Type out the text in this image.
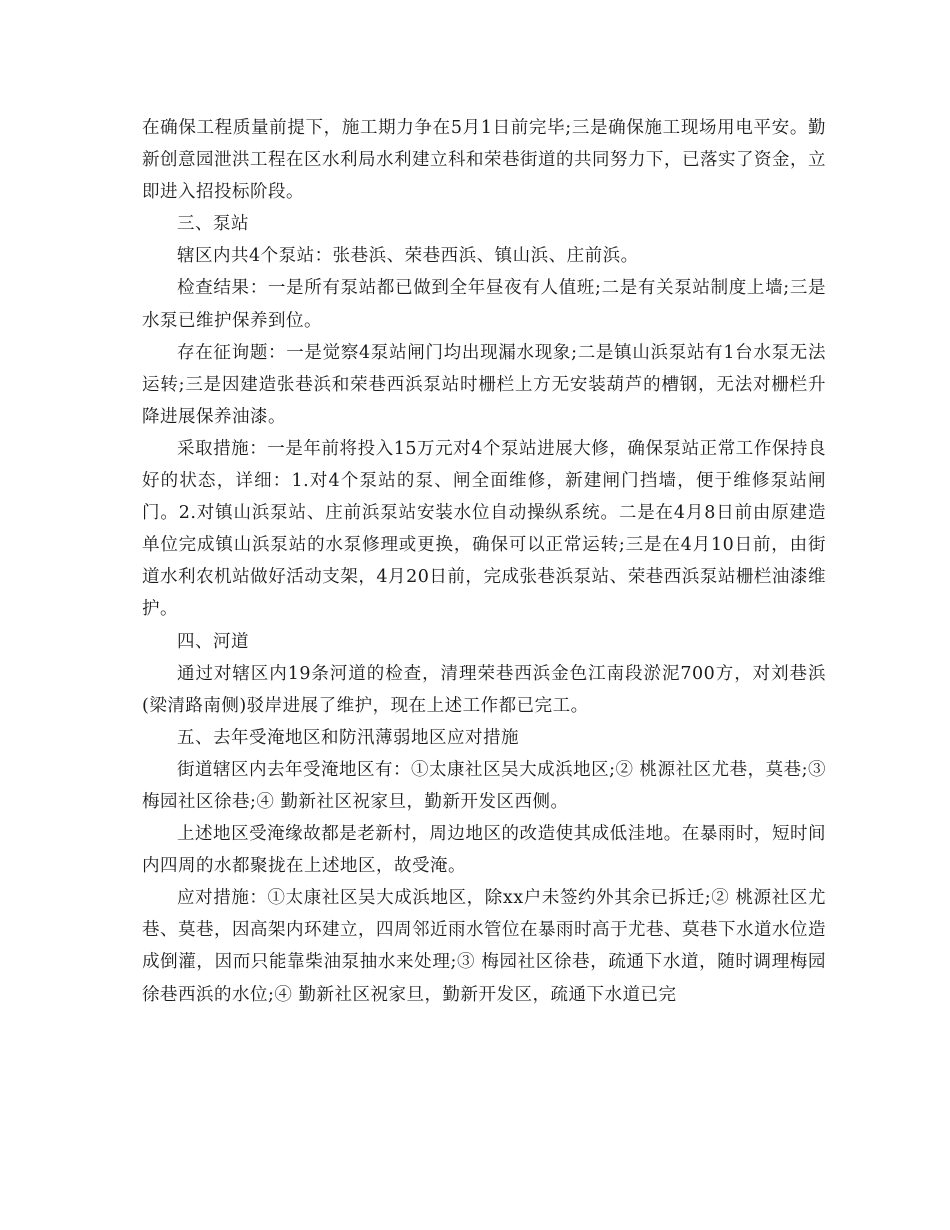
在确保工程质量前提下，施工期力争在5月1日前完毕;三是确保施工现场用电平安。勤新创意园泄洪工程在区水利局水利建立科和荣巷街道的共同努力下，已落实了资金，立即进入招投标阶段。

三、泵站

辖区内共4个泵站：张巷浜、荣巷西浜、镇山浜、庄前浜。

检查结果：一是所有泵站都已做到全年昼夜有人值班;二是有关泵站制度上墙;三是水泵已维护保养到位。

存在征询题：一是觉察4泵站闸门均出现漏水现象;二是镇山浜泵站有1台水泵无法运转;三是因建造张巷浜和荣巷西浜泵站时栅栏上方无安装葫芦的槽钢，无法对栅栏升降进展保养油漆。

采取措施：一是年前将投入15万元对4个泵站进展大修，确保泵站正常工作保持良好的状态，详细：1.对4个泵站的泵、闸全面维修，新建闸门挡墙，便于维修泵站闸门。2.对镇山浜泵站、庄前浜泵站安装水位自动操纵系统。二是在4月8日前由原建造单位完成镇山浜泵站的水泵修理或更换，确保可以正常运转;三是在4月10日前，由街道水利农机站做好活动支架，4月20日前，完成张巷浜泵站、荣巷西浜泵站栅栏油漆维护。

四、河道

通过对辖区内19条河道的检查，清理荣巷西浜金色江南段淤泥700方，对刘巷浜(梁清路南侧)驳岸进展了维护，现在上述工作都已完工。

五、去年受淹地区和防汛薄弱地区应对措施

街道辖区内去年受淹地区有：①太康社区吴大成浜地区;② 桃源社区尤巷，莫巷;③ 梅园社区徐巷;④ 勤新社区祝家旦，勤新开发区西侧。

上述地区受淹缘故都是老新村，周边地区的改造使其成低洼地。在暴雨时，短时间内四周的水都聚拢在上述地区，故受淹。

应对措施：①太康社区吴大成浜地区，除xx户未签约外其余已拆迁;② 桃源社区尤巷、莫巷，因高架内环建立，四周邻近雨水管位在暴雨时高于尤巷、莫巷下水道水位造成倒灌，因而只能靠柴油泵抽水来处理;③ 梅园社区徐巷，疏通下水道，随时调理梅园徐巷西浜的水位;④ 勤新社区祝家旦，勤新开发区，疏通下水道已完
